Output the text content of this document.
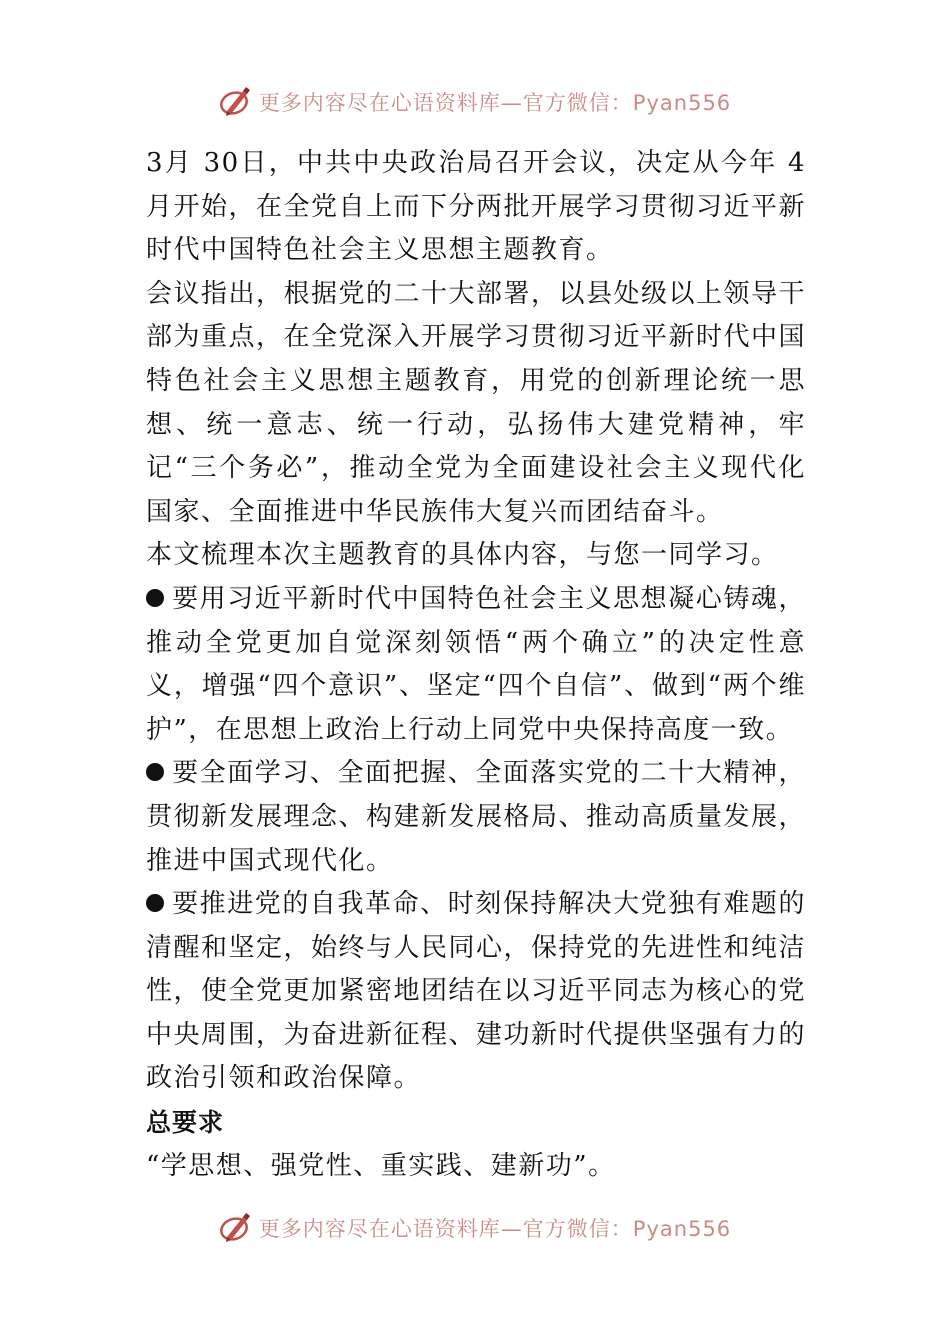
更多内容尽在心语资料库—官方微信：Pyan556

3月 30日，中共中央政治局召开会议，决定从今年 4月开始，在全党自上而下分两批开展学习贯彻习近平新时代中国特色社会主义思想主题教育。

会议指出，根据党的二十大部署，以县处级以上领导干部为重点，在全党深入开展学习贯彻习近平新时代中国特色社会主义思想主题教育，用党的创新理论统一思想、统一意志、统一行动，弘扬伟大建党精神，牢记“三个务必”，推动全党为全面建设社会主义现代化国家、全面推进中华民族伟大复兴而团结奋斗。

本文梳理本次主题教育的具体内容，与您一同学习。

要用习近平新时代中国特色社会主义思想凝心铸魂，推动全党更加自觉深刻领悟“两个确立”的决定性意义，增强“四个意识”、坚定“四个自信”、做到“两个维护”，在思想上政治上行动上同党中央保持高度一致。

要全面学习、全面把握、全面落实党的二十大精神，贯彻新发展理念、构建新发展格局、推动高质量发展，推进中国式现代化。

要推进党的自我革命、时刻保持解决大党独有难题的清醒和坚定，始终与人民同心，保持党的先进性和纯洁性，使全党更加紧密地团结在以习近平同志为核心的党中央周围，为奋进新征程、建功新时代提供坚强有力的政治引领和政治保障。

总要求

“学思想、强党性、重实践、建新功”。

更多内容尽在心语资料库—官方微信：Pyan556
